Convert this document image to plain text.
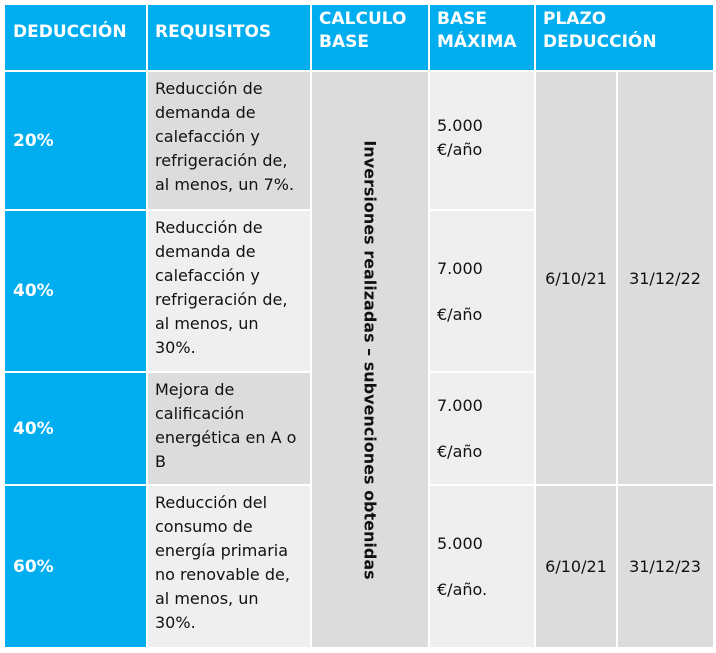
DEDUCCIÓN	REQUISITOS
CALCULO
BASE
BASE
MÁXIMA
PLAZO
DEDUCCIÓN
20%
40%
40%
60%
Reducción de
demanda de
calefacción y
refrigeración de,
al menos, un 7%.
Reducción de
demanda de
calefacción y
refrigeración de,
al menos, un
30%.
Mejora de
calificación
energética en A o
B
Reducción del
consumo de
energía primaria
no renovable de,
al menos, un
30%.
Inversiones realizadas – subvenciones obtenidas
5.000
€/año
7.000
€/año
7.000
€/año
5.000
€/año.
6/10/21 31/12/22
6/10/21 31/12/23
